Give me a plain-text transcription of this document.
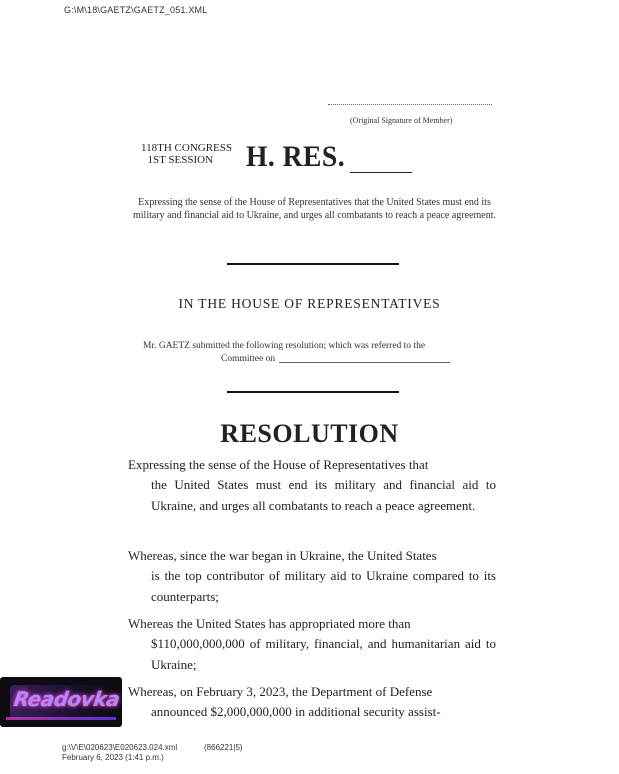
G:\M\18\GAETZ\GAETZ_051.XML
(Original Signature of Member)
118TH CONGRESS

1ST SESSION	H. RES.
Expressing the sense of the House of Representatives that the United States must end its military and financial aid to Ukraine, and urges all combatants to reach a peace agreement.
IN THE HOUSE OF REPRESENTATIVES
Mr. GAETZ submitted the following resolution; which was referred to the
Committee on
RESOLUTION
Expressing the sense of the House of Representatives that
the United States must end its military and financial aid to Ukraine, and urges all combatants to reach a peace agreement.
Whereas, since the war began in Ukraine, the United States
is the top contributor of military aid to Ukraine compared to its counterparts;
Whereas the United States has appropriated more than
$110,000,000,000 of military, financial, and humanitarian aid to Ukraine;
Whereas, on February 3, 2023, the Department of Defense
announced $2,000,000,000 in additional security assist-
Readovka
g:\V\E\020623\E020623.024.xml	(866221|5)

February 6, 2023 (1:41 p.m.)
